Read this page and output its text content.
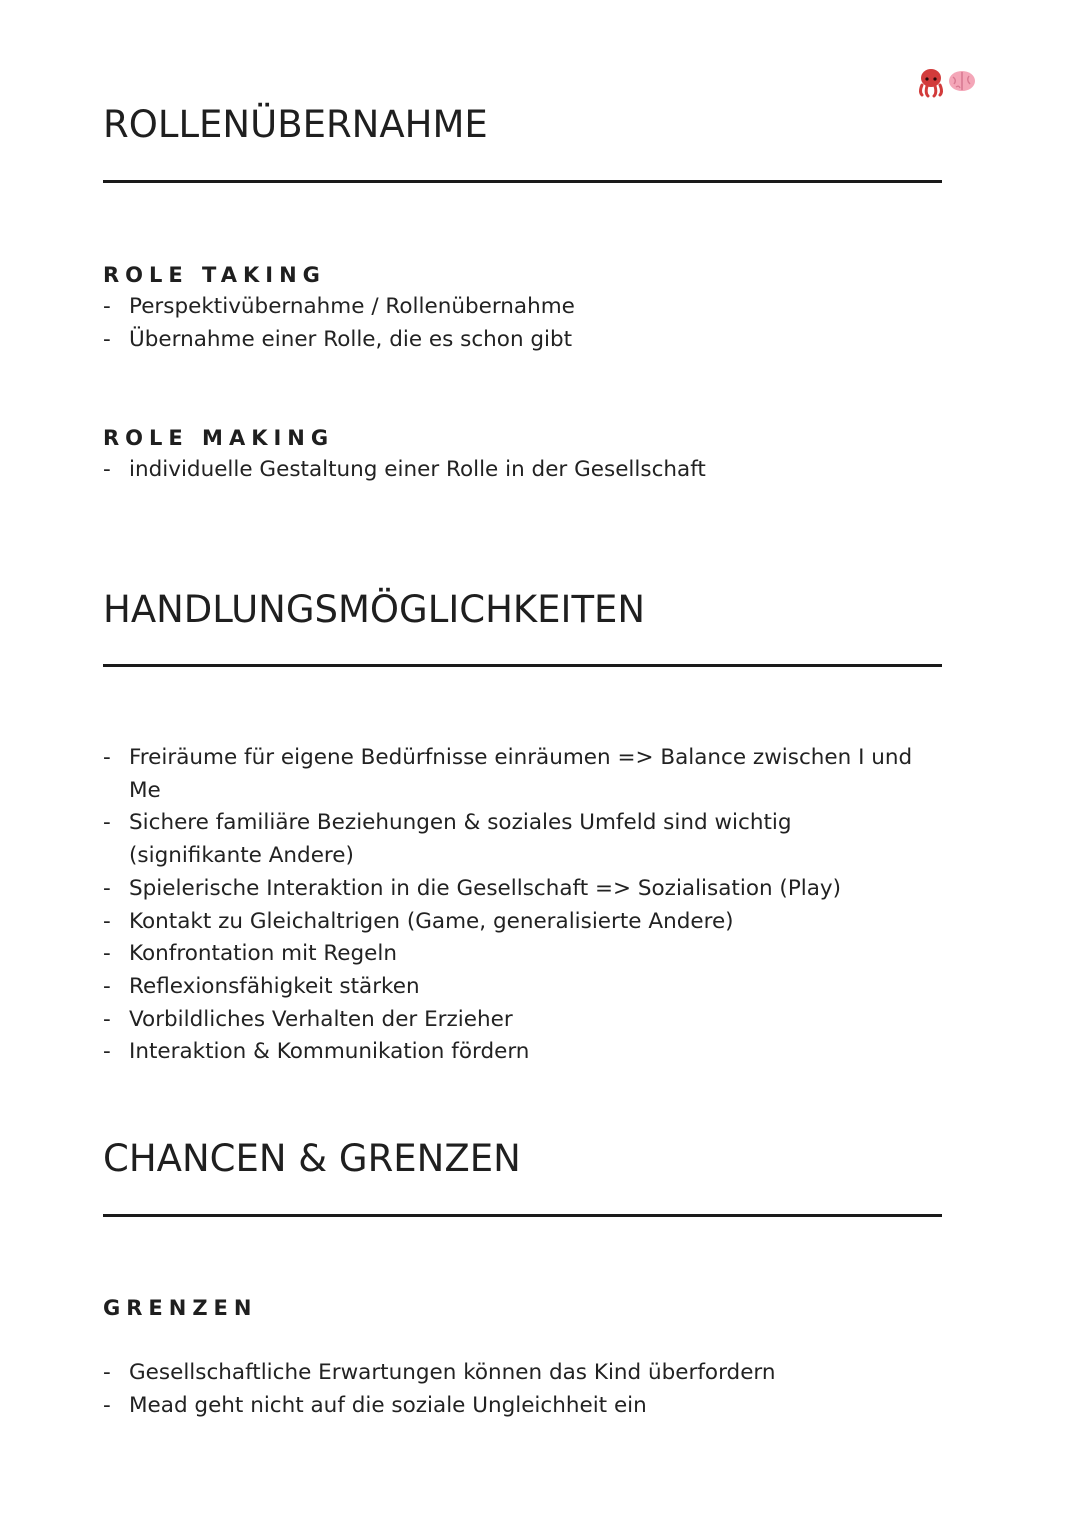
ROLLENÜBERNAHME
ROLE TAKING
- Perspektivübernahme / Rollenübernahme
- Übernahme einer Rolle, die es schon gibt
ROLE MAKING
- individuelle Gestaltung einer Rolle in der Gesellschaft
HANDLUNGSMÖGLICHKEITEN
- Freiräume für eigene Bedürfnisse einräumen => Balance zwischen I und Me
- Sichere familiäre Beziehungen & soziales Umfeld sind wichtig (signifikante Andere)
- Spielerische Interaktion in die Gesellschaft => Sozialisation (Play)
- Kontakt zu Gleichaltrigen (Game, generalisierte Andere)
- Konfrontation mit Regeln
- Reflexionsfähigkeit stärken
- Vorbildliches Verhalten der Erzieher
- Interaktion & Kommunikation fördern
CHANCEN & GRENZEN
GRENZEN
- Gesellschaftliche Erwartungen können das Kind überfordern
- Mead geht nicht auf die soziale Ungleichheit ein
